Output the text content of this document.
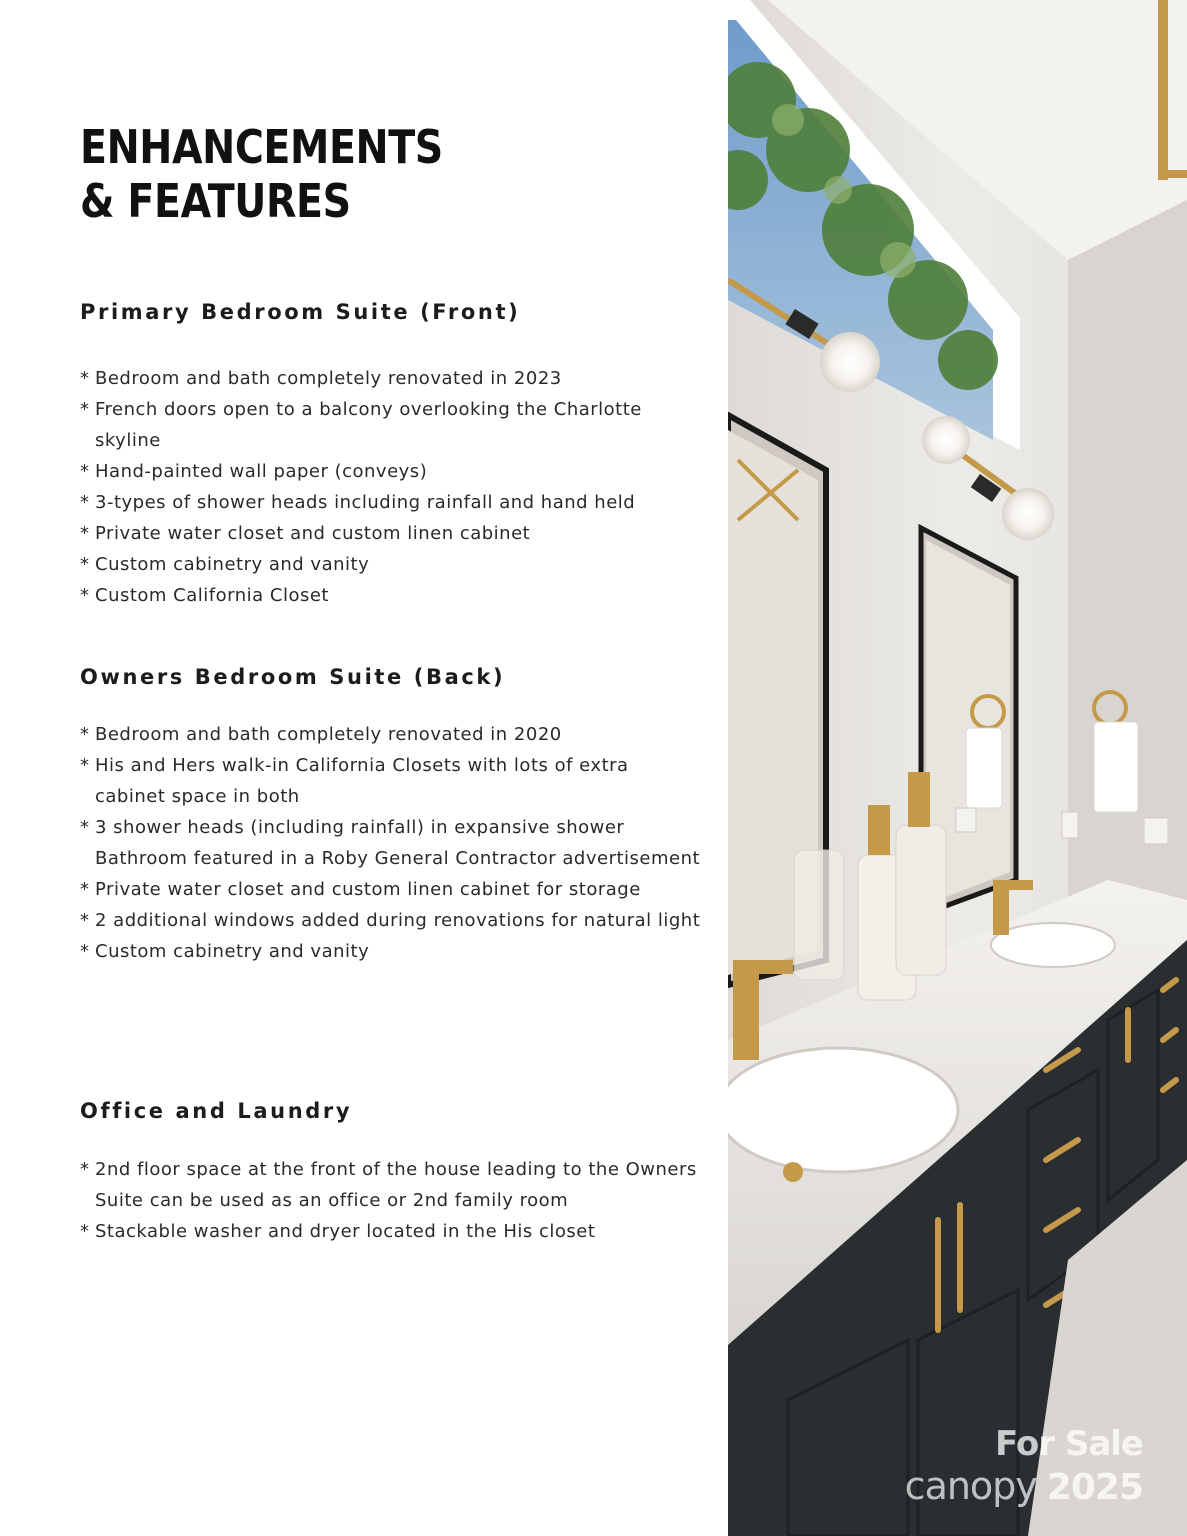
ENHANCEMENTS
& FEATURES
Primary Bedroom Suite (Front)
* Bedroom and bath completely renovated in 2023
* French doors open to a balcony overlooking the Charlotte skyline
* Hand-painted wall paper (conveys)
* 3-types of shower heads including rainfall and hand held
* Private water closet and custom linen cabinet
* Custom cabinetry and vanity
* Custom California Closet
Owners Bedroom Suite (Back)
* Bedroom and bath completely renovated in 2020
* His and Hers walk-in California Closets with lots of extra cabinet space in both
* 3 shower heads (including rainfall) in expansive shower Bathroom featured in a Roby General Contractor advertisement
* Private water closet and custom linen cabinet for storage
* 2 additional windows added during renovations for natural light
* Custom cabinetry and vanity
Office and Laundry
* 2nd floor space at the front of the house leading to the Owners Suite can be used as an office or 2nd family room
* Stackable washer and dryer located in the His closet
For Sale
canopy 2025
